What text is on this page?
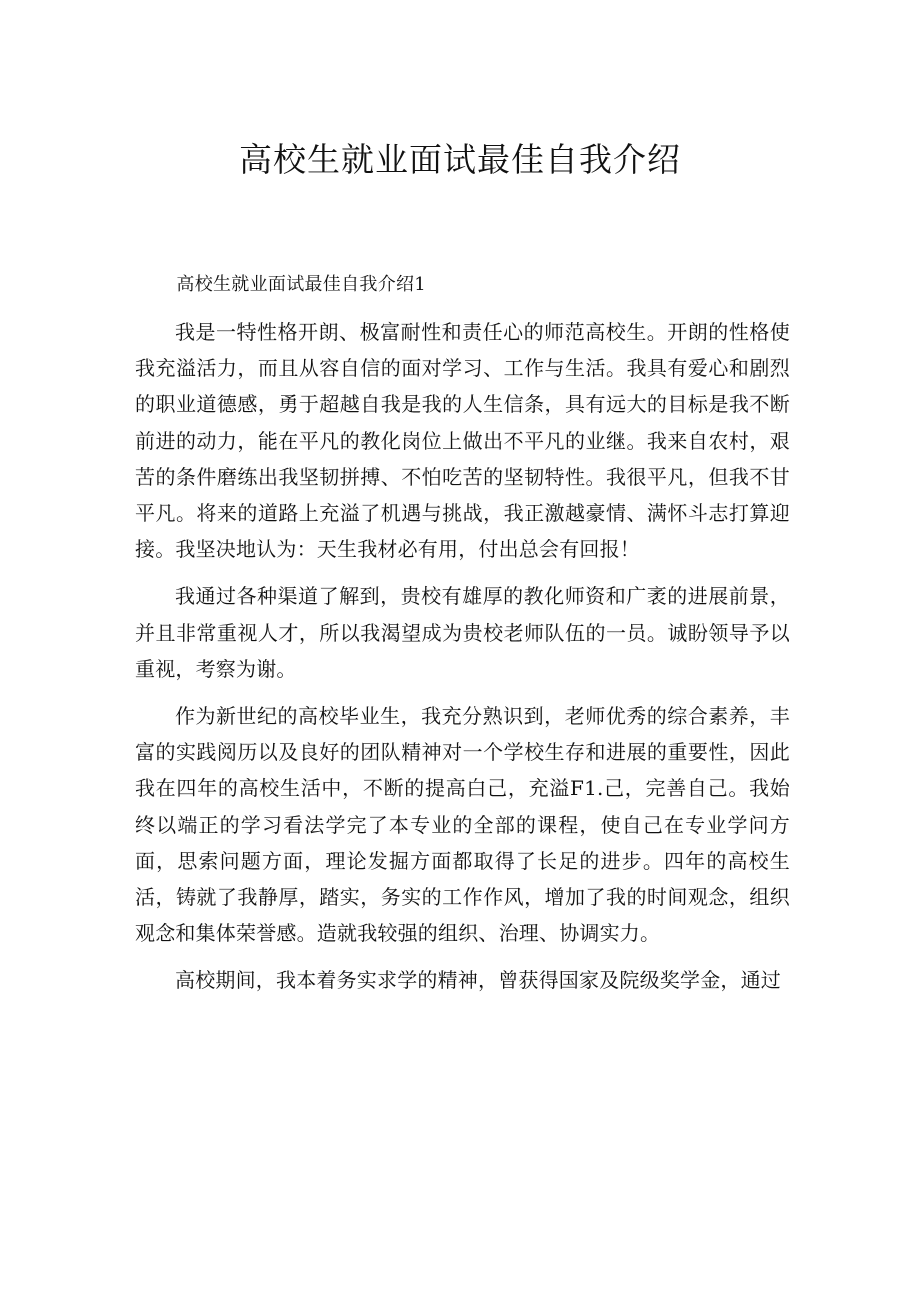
高校生就业面试最佳自我介绍

高校生就业面试最佳自我介绍1

我是一特性格开朗、极富耐性和责任心的师范高校生。开朗的性格使我充溢活力，而且从容自信的面对学习、工作与生活。我具有爱心和剧烈的职业道德感，勇于超越自我是我的人生信条，具有远大的目标是我不断前进的动力，能在平凡的教化岗位上做出不平凡的业继。我来自农村，艰苦的条件磨练出我坚韧拼搏、不怕吃苦的坚韧特性。我很平凡，但我不甘平凡。将来的道路上充溢了机遇与挑战，我正激越豪情、满怀斗志打算迎接。我坚决地认为：天生我材必有用，付出总会有回报！

我通过各种渠道了解到，贵校有雄厚的教化师资和广袤的进展前景，并且非常重视人才，所以我渴望成为贵校老师队伍的一员。诚盼领导予以重视，考察为谢。

作为新世纪的高校毕业生，我充分熟识到，老师优秀的综合素养，丰富的实践阅历以及良好的团队精神对一个学校生存和进展的重要性，因此我在四年的高校生活中，不断的提高白己，充溢F1.己，完善自己。我始终以端正的学习看法学完了本专业的全部的课程，使自己在专业学问方面，思索问题方面，理论发掘方面都取得了长足的进步。四年的高校生活，铸就了我静厚，踏实，务实的工作作风，增加了我的时间观念，组织观念和集体荣誉感。造就我较强的组织、治理、协调实力。

高校期间，我本着务实求学的精神，曾获得国家及院级奖学金，通过
